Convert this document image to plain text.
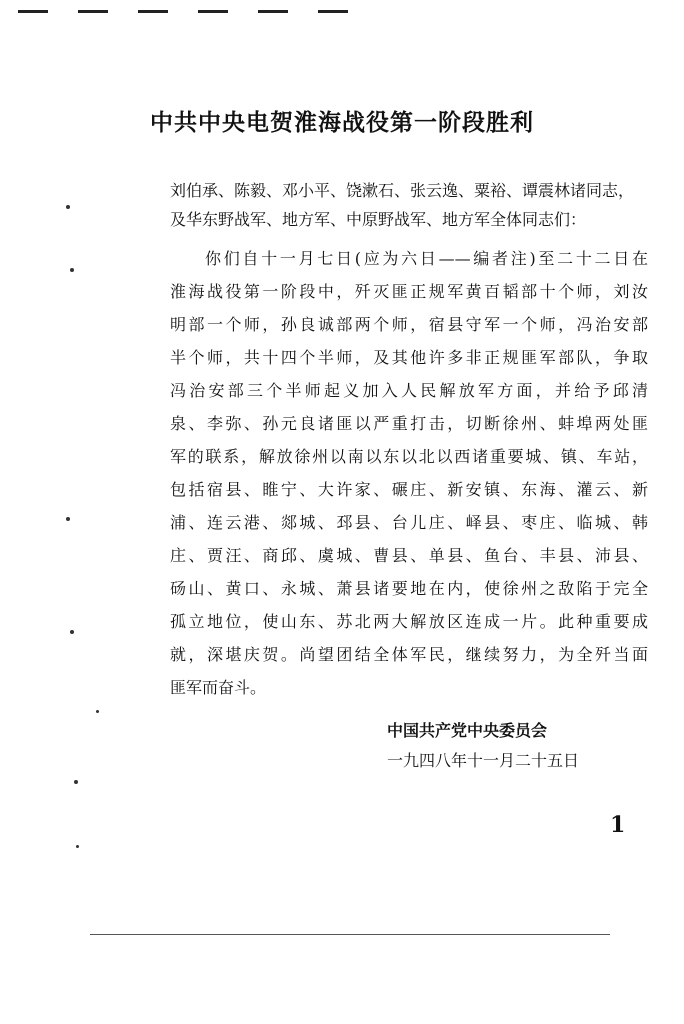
中共中央电贺淮海战役第一阶段胜利

刘伯承、陈毅、邓小平、饶漱石、张云逸、粟裕、谭震林诸同志，

及华东野战军、地方军、中原野战军、地方军全体同志们：

你们自十一月七日(应为六日——编者注)至二十二日在
淮海战役第一阶段中，歼灭匪正规军黄百韬部十个师，刘汝
明部一个师，孙良诚部两个师，宿县守军一个师，冯治安部
半个师，共十四个半师，及其他许多非正规匪军部队，争取
冯治安部三个半师起义加入人民解放军方面，并给予邱清
泉、李弥、孙元良诸匪以严重打击，切断徐州、蚌埠两处匪
军的联系，解放徐州以南以东以北以西诸重要城、镇、车站，
包括宿县、睢宁、大许家、碾庄、新安镇、东海、灌云、新
浦、连云港、郯城、邳县、台儿庄、峄县、枣庄、临城、韩
庄、贾汪、商邱、虞城、曹县、单县、鱼台、丰县、沛县、
砀山、黄口、永城、萧县诸要地在内，使徐州之敌陷于完全
孤立地位，使山东、苏北两大解放区连成一片。此种重要成
就，深堪庆贺。尚望团结全体军民，继续努力，为全歼当面
匪军而奋斗。

中国共产党中央委员会

一九四八年十一月二十五日

1
